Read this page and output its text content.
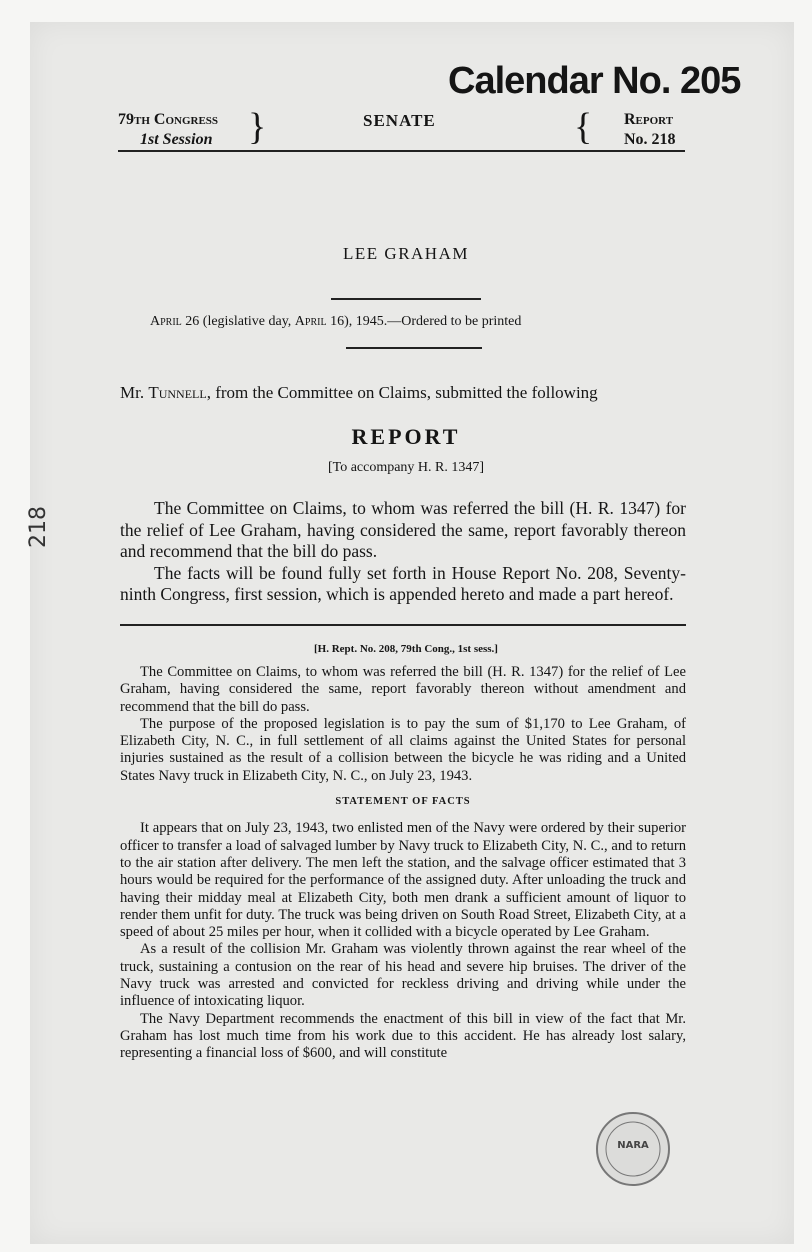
Calendar No. 205
79th Congress
1st Session }	SENATE	{ Report
No. 218
LEE GRAHAM
April 26 (legislative day, April 16), 1945.—Ordered to be printed
Mr. Tunnell, from the Committee on Claims, submitted the following
REPORT
[To accompany H. R. 1347]

The Committee on Claims, to whom was referred the bill (H. R. 1347) for the relief of Lee Graham, having considered the same, report favorably thereon and recommend that the bill do pass.

The facts will be found fully set forth in House Report No. 208, Seventy-ninth Congress, first session, which is appended hereto and made a part hereof.

[H. Rept. No. 208, 79th Cong., 1st sess.]

The Committee on Claims, to whom was referred the bill (H. R. 1347) for the relief of Lee Graham, having considered the same, report favorably thereon without amendment and recommend that the bill do pass.

The purpose of the proposed legislation is to pay the sum of $1,170 to Lee Graham, of Elizabeth City, N. C., in full settlement of all claims against the United States for personal injuries sustained as the result of a collision between the bicycle he was riding and a United States Navy truck in Elizabeth City, N. C., on July 23, 1943.

STATEMENT OF FACTS

It appears that on July 23, 1943, two enlisted men of the Navy were ordered by their superior officer to transfer a load of salvaged lumber by Navy truck to Elizabeth City, N. C., and to return to the air station after delivery. The men left the station, and the salvage officer estimated that 3 hours would be required for the performance of the assigned duty. After unloading the truck and having their midday meal at Elizabeth City, both men drank a sufficient amount of liquor to render them unfit for duty. The truck was being driven on South Road Street, Elizabeth City, at a speed of about 25 miles per hour, when it collided with a bicycle operated by Lee Graham.

As a result of the collision Mr. Graham was violently thrown against the rear wheel of the truck, sustaining a contusion on the rear of his head and severe hip bruises. The driver of the Navy truck was arrested and convicted for reckless driving and driving while under the influence of intoxicating liquor.

The Navy Department recommends the enactment of this bill in view of the fact that Mr. Graham has lost much time from his work due to this accident. He has already lost salary, representing a financial loss of $600, and will constitute

218
NARA
